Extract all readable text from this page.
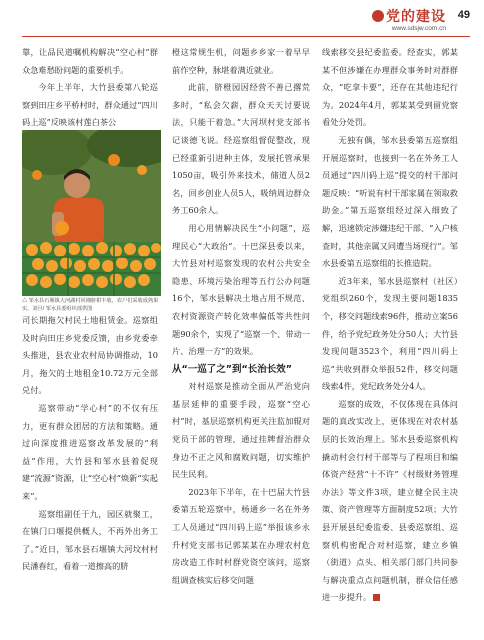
党的建设
www.sdsjw.com.cn
49

靠，让品民道嘱机构解决“空心村”群众急难愁盼问题的重要机手。

今年上半年，大竹县委第八轮巡察到田庄乡平桥村时，群众通过“四川码上巡”反映该村莲白茶公

△ 邹水县石堰镇大河湖村回湘脐柑丰收，农户们采收成熟果实。刘旦/ 邹水县委组织部供图

司长期拖欠村民土地租赁金。巡察组及时向田庄乡党委反馈，由乡党委牵头推进，县农业农村局协调推动，10月，拖欠的土地租金10.72万元全部兑付。

巡察带动“学心村”的不仅有压力，更有群众团居的方法和策略。通过向深度推进巡察改革发展的“利益”作用，大竹县和邹水县着促现建“流源”资源，让“空心村”焕新“实起来”。

巡察组副任于九，园区就聚工，在镇门口堰提供概人，不再外出务工了。”近日，邹水县石堰镇大河坟村村民潘春红，看着一道擦高的脐

橙这常规生机，问题乡乡家一着早早前作空种，脉堪着满近就业。

此前，脐橙园因经营不善已撂荒多时，“私会欠薪，群众天天讨要说法，只能干着急。”大河坝村党支部书记谈德飞说。经巡察组督促整改，现已经重新引进种主体，发展托管承果1050亩，吸引外来技术，储道人员2名，回乡创业人员5人，吸纳周边群众务工60余人。

用心用情解决民生“小问题”，巡理民心“大政治”。十巴深县委以来，大竹县对村巡察发现的农村公共安全隐患、环境污染治理等五行公办问题16个，邹水县解决土地占用不规范、农村资源资产转化效率偏低等共性问题90余个，实现了“巡察一个、带动一片、治理一方”的效果。

从“一巡了之”到“长治长效”

对村巡察是推动全面从严治党向基层延伸的重要手段，巡察“空心村”时，基层巡察机构更关注监加辊对党员干部的管理，通过挂牌督治群众身边不正之风和腐败问题，切实维护民生民利。

2023年下半年，在十巴届大竹县委第五轮巡察中，杨通乡一名在外务工人员通过“四川码上巡”举报该乡永升村党支部书记郭某某在办理农村危房改造工作时村群党资空该问，巡察组调查核实后移交问题

线索移交县纪委监委。经查实，郭某某不但涉嫌在办理群众事务时对群群众，“吃拿卡要”，还存在其他违纪行为。2024年4月，郭某某受到留党察看处分处罚。

无独有偶，邹水县委第五巡察组开展巡察时，也接到一名在外务工人员通过“四川码上巡”提交的村干部问题反映：“听说有村干部家属在领取救助金。”第五巡察组经过深入细致了解，迅速锁定涉嫌违纪干部、“入户核查时，其他亲属又同遭当场现行”。邹水县委第五巡察组的长推造院。

近3年来，邹水县巡察村（社区）党组织260个，发现主要问题1835个，移交问题线索96件，推动立案56件，给予党纪政务处分50人；大竹县发现问题3523个，利用“四川码上巡”共收到群众举报52件，移交问题线索4件，党纪政务处分4人。

巡察的成效，不仅体现在具体问题的真改实改上，更体现在对农村基层的长效治理上。邹水县委巡察机构撬动村会行村干部等与了程项目和编体资产经营“十不许”《村级财务管理办法》等文件3项，建立健全民主决策、资产管理等方面制度52项；大竹县开展县纪委监委、县委巡察组、巡察机构密配合对村巡察，建立乡镇（街道）点头、相关部门部门共同参与解决重点点问题机制，群众信任感进一步提升。
